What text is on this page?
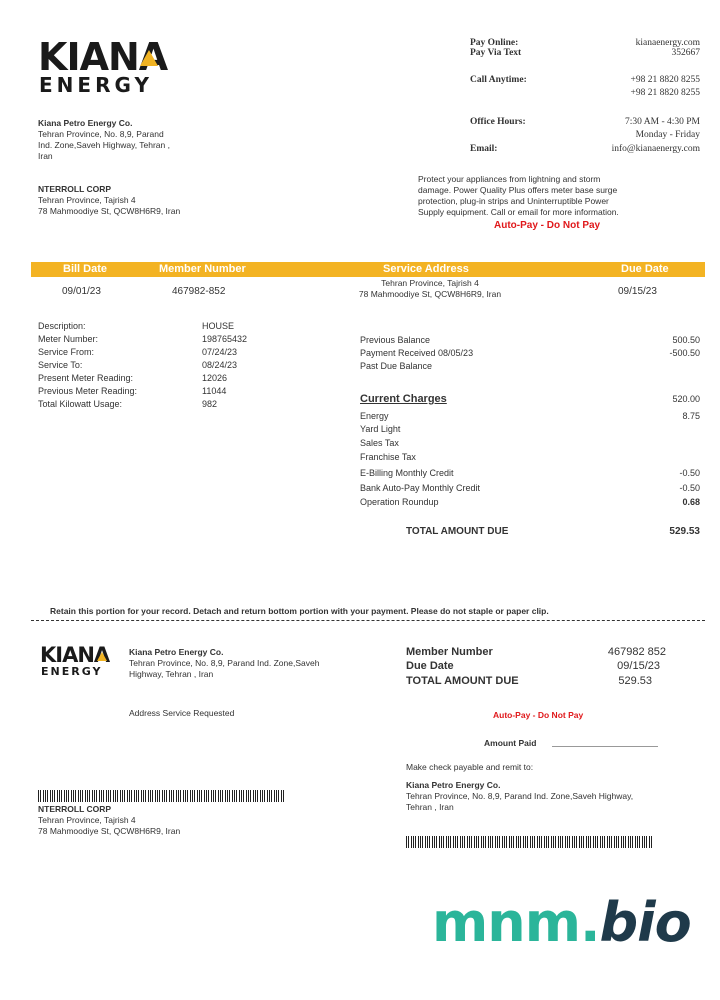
KIANA
ENERGY
Kiana Petro Energy Co.
Tehran Province, No. 8,9, Parand
Ind. Zone,Saveh Highway, Tehran ,
Iran
NTERROLL CORP
Tehran Province, Tajrish 4
78 Mahmoodiye St, QCW8H6R9, Iran
Pay Online:	kianaenergy.com
Pay Via Text	352667
Call Anytime:	+98 21 8820 8255
+98 21 8820 8255
Office Hours:	7:30 AM - 4:30 PM
Monday - Friday
Email:	info@kianaenergy.com
Protect your appliances from lightning and storm
damage. Power Quality Plus offers meter base surge
protection, plug-in strips and Uninterruptible Power
Supply equipment. Call or email for more information.
Auto-Pay - Do Not Pay
Bill Date	Member Number	Service Address	Due Date
09/01/23	467982-852
Tehran Province, Tajrish 4
78 Mahmoodiye St, QCW8H6R9, Iran	09/15/23
Description:	HOUSE
Meter Number:	198765432
Service From:	07/24/23
Service To:	08/24/23
Present Meter Reading:	12026
Previous Meter Reading:	11044
Total Kilowatt Usage:	982
Previous Balance	500.50
Payment Received 08/05/23	-500.50
Past Due Balance
Current Charges	520.00
Energy	8.75
Yard Light
Sales Tax
Franchise Tax
E-Billing Monthly Credit	-0.50
Bank Auto-Pay Monthly Credit	-0.50
Operation Roundup	0.68
TOTAL AMOUNT DUE	529.53
Retain this portion for your record. Detach and return bottom portion with your payment. Please do not staple or paper clip.
KIANA
ENERGY
Kiana Petro Energy Co.
Tehran Province, No. 8,9, Parand Ind. Zone,Saveh
Highway, Tehran , Iran
Address Service Requested
Member Number	467982 852
Due Date	09/15/23
TOTAL AMOUNT DUE	529.53
Auto-Pay - Do Not Pay
Amount Paid
Make check payable and remit to:
Kiana Petro Energy Co.
Tehran Province, No. 8,9, Parand Ind. Zone,Saveh Highway,
Tehran , Iran
NTERROLL CORP
Tehran Province, Tajrish 4
78 Mahmoodiye St, QCW8H6R9, Iran
mnm.bio
